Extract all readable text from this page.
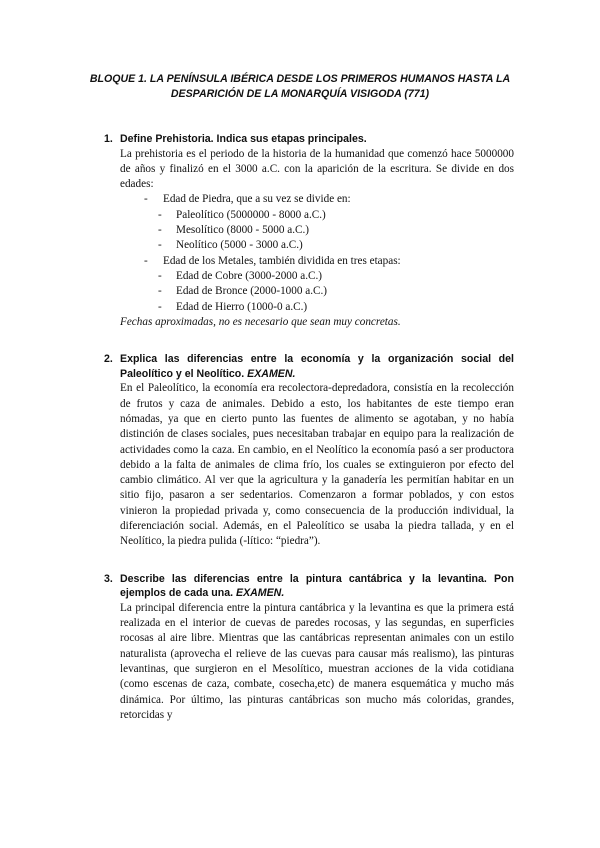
BLOQUE 1. LA PENÍNSULA IBÉRICA DESDE LOS PRIMEROS HUMANOS HASTA LA
DESPARICIÓN DE LA MONARQUÍA VISIGODA (771)
1. Define Prehistoria. Indica sus etapas principales.

La prehistoria es el periodo de la historia de la humanidad que comenzó hace 5000000 de años y finalizó en el 3000 a.C. con la aparición de la escritura. Se divide en dos edades:

- Edad de Piedra, que a su vez se divide en:
- Paleolítico (5000000 - 8000 a.C.)
- Mesolítico (8000 - 5000 a.C.)
- Neolítico (5000 - 3000 a.C.)
- Edad de los Metales, también dividida en tres etapas:
- Edad de Cobre (3000-2000 a.C.)
- Edad de Bronce (2000-1000 a.C.)
- Edad de Hierro (1000-0 a.C.)

Fechas aproximadas, no es necesario que sean muy concretas.

2. Explica las diferencias entre la economía y la organización social del Paleolítico y el Neolítico. EXAMEN.

En el Paleolítico, la economía era recolectora-depredadora, consistía en la recolección de frutos y caza de animales. Debido a esto, los habitantes de este tiempo eran nómadas, ya que en cierto punto las fuentes de alimento se agotaban, y no había distinción de clases sociales, pues necesitaban trabajar en equipo para la realización de actividades como la caza. En cambio, en el Neolítico la economía pasó a ser productora debido a la falta de animales de clima frío, los cuales se extinguieron por efecto del cambio climático. Al ver que la agricultura y la ganadería les permitían habitar en un sitio fijo, pasaron a ser sedentarios. Comenzaron a formar poblados, y con estos vinieron la propiedad privada y, como consecuencia de la producción individual, la diferenciación social. Además, en el Paleolítico se usaba la piedra tallada, y en el Neolítico, la piedra pulida (-lítico: “piedra”).

3. Describe las diferencias entre la pintura cantábrica y la levantina. Pon ejemplos de cada una. EXAMEN.

La principal diferencia entre la pintura cantábrica y la levantina es que la primera está realizada en el interior de cuevas de paredes rocosas, y las segundas, en superficies rocosas al aire libre. Mientras que las cantábricas representan animales con un estilo naturalista (aprovecha el relieve de las cuevas para causar más realismo), las pinturas levantinas, que surgieron en el Mesolítico, muestran acciones de la vida cotidiana (como escenas de caza, combate, cosecha,etc) de manera esquemática y mucho más dinámica. Por último, las pinturas cantábricas son mucho más coloridas, grandes, retorcidas y
